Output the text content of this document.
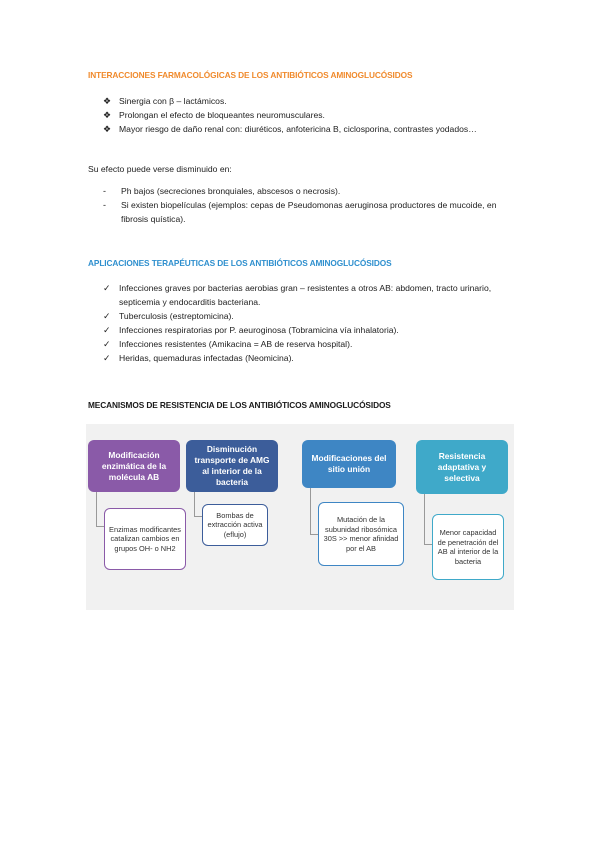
INTERACCIONES FARMACOLÓGICAS DE LOS ANTIBIÓTICOS AMINOGLUCÓSIDOS
❖ Sinergia con β – lactámicos.
❖ Prolongan el efecto de bloqueantes neuromusculares.
❖ Mayor riesgo de daño renal con: diuréticos, anfotericina B, ciclosporina, contrastes yodados…
Su efecto puede verse disminuido en:
- Ph bajos (secreciones bronquiales, abscesos o necrosis).
- Si existen biopelículas (ejemplos: cepas de Pseudomonas aeruginosa productores de mucoide, en fibrosis quística).
APLICACIONES TERAPÉUTICAS DE LOS ANTIBIÓTICOS AMINOGLUCÓSIDOS
✓ Infecciones graves por bacterias aerobias gran – resistentes a otros AB: abdomen, tracto urinario, septicemia y endocarditis bacteriana.
✓ Tuberculosis (estreptomicina).
✓ Infecciones respiratorias por P. aeuroginosa (Tobramicina vía inhalatoria).
✓ Infecciones resistentes (Amikacina = AB de reserva hospital).
✓ Heridas, quemaduras infectadas (Neomicina).
MECANISMOS DE RESISTENCIA DE LOS ANTIBIÓTICOS AMINOGLUCÓSIDOS
Modificación enzimática de la molécula AB
Enzimas modificantes catalizan cambios en grupos OH- o NH2
Disminución transporte de AMG al interior de la bacteria
Bombas de extracción activa (eflujo)
Modificaciones del sitio unión
Mutación de la subunidad ribosómica 30S >> menor afinidad por el AB
Resistencia adaptativa y selectiva
Menor capacidad de penetración del AB al interior de la bacteria
